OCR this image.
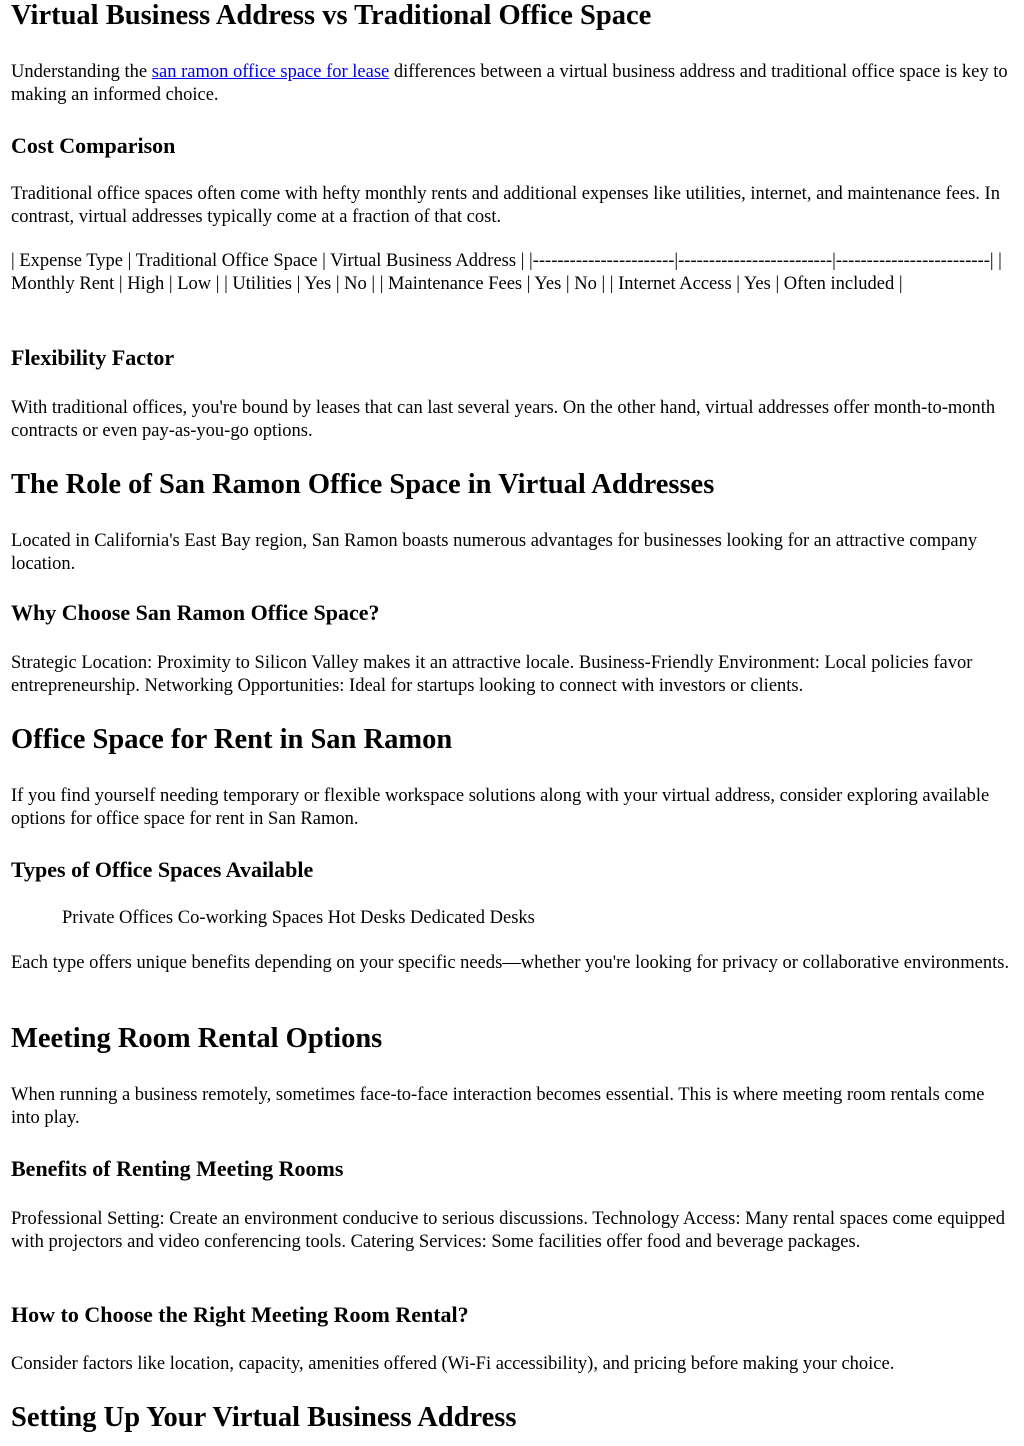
Virtual Business Address vs Traditional Office Space

Understanding the san ramon office space for lease differences between a virtual business address and traditional office space is key to making an informed choice.

Cost Comparison

Traditional office spaces often come with hefty monthly rents and additional expenses like utilities, internet, and maintenance fees. In contrast, virtual addresses typically come at a fraction of that cost.

| Expense Type | Traditional Office Space | Virtual Business Address | |-----------------------|-------------------------|-------------------------| | Monthly Rent | High | Low | | Utilities | Yes | No | | Maintenance Fees | Yes | No | | Internet Access | Yes | Often included |

Flexibility Factor

With traditional offices, you're bound by leases that can last several years. On the other hand, virtual addresses offer month-to-month contracts or even pay-as-you-go options.

The Role of San Ramon Office Space in Virtual Addresses

Located in California's East Bay region, San Ramon boasts numerous advantages for businesses looking for an attractive company location.

Why Choose San Ramon Office Space?

Strategic Location: Proximity to Silicon Valley makes it an attractive locale. Business-Friendly Environment: Local policies favor entrepreneurship. Networking Opportunities: Ideal for startups looking to connect with investors or clients.

Office Space for Rent in San Ramon

If you find yourself needing temporary or flexible workspace solutions along with your virtual address, consider exploring available options for office space for rent in San Ramon.

Types of Office Spaces Available

Private Offices Co-working Spaces Hot Desks Dedicated Desks

Each type offers unique benefits depending on your specific needs—whether you're looking for privacy or collaborative environments.

Meeting Room Rental Options

When running a business remotely, sometimes face-to-face interaction becomes essential. This is where meeting room rentals come into play.

Benefits of Renting Meeting Rooms

Professional Setting: Create an environment conducive to serious discussions. Technology Access: Many rental spaces come equipped with projectors and video conferencing tools. Catering Services: Some facilities offer food and beverage packages.

How to Choose the Right Meeting Room Rental?

Consider factors like location, capacity, amenities offered (Wi-Fi accessibility), and pricing before making your choice.

Setting Up Your Virtual Business Address
